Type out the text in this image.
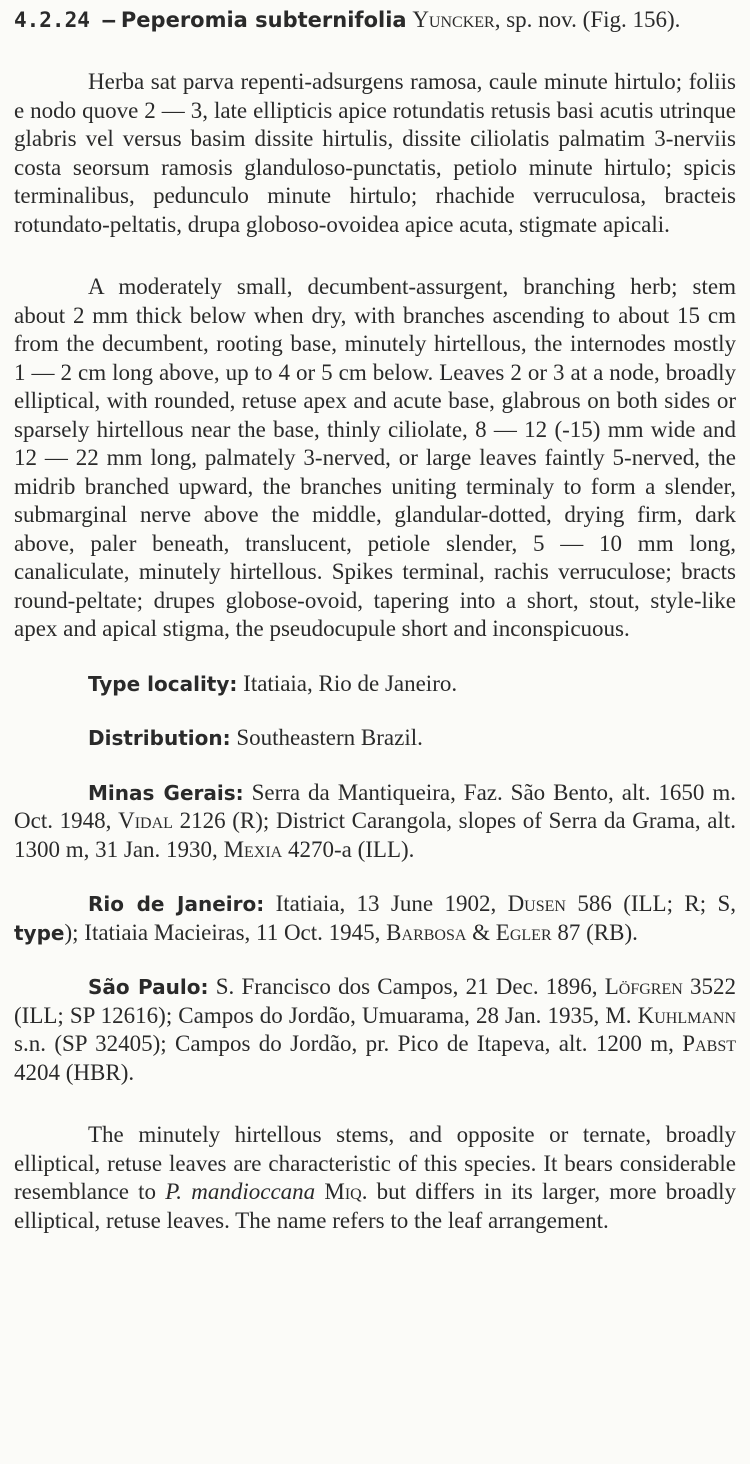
4.2.24 — Peperomia subternifolia Yuncker, sp. nov. (Fig. 156).

Herba sat parva repenti-adsurgens ramosa, caule minute hirtulo; foliis e nodo quove 2 — 3, late ellipticis apice rotundatis retusis basi acutis utrinque glabris vel versus basim dissite hirtulis, dissite ciliolatis palmatim 3-nerviis costa seorsum ramosis glanduloso-punctatis, petiolo minute hirtulo; spicis terminalibus, pedunculo minute hirtulo; rhachide verruculosa, bracteis rotundato-peltatis, drupa globoso-ovoidea apice acuta, stigmate apicali.

A moderately small, decumbent-assurgent, branching herb; stem about 2 mm thick below when dry, with branches ascending to about 15 cm from the decumbent, rooting base, minutely hirtellous, the internodes mostly 1 — 2 cm long above, up to 4 or 5 cm below. Leaves 2 or 3 at a node, broadly elliptical, with rounded, retuse apex and acute base, glabrous on both sides or sparsely hirtellous near the base, thinly ciliolate, 8 — 12 (-15) mm wide and 12 — 22 mm long, palmately 3-nerved, or large leaves faintly 5-nerved, the midrib branched upward, the branches uniting terminaly to form a slender, submarginal nerve above the middle, glandular-dotted, drying firm, dark above, paler beneath, translucent, petiole slender, 5 — 10 mm long, canaliculate, minutely hirtellous. Spikes terminal, rachis verruculose; bracts round-peltate; drupes globose-ovoid, tapering into a short, stout, style-like apex and apical stigma, the pseudocupule short and inconspicuous.

Type locality: Itatiaia, Rio de Janeiro.

Distribution: Southeastern Brazil.

Minas Gerais: Serra da Mantiqueira, Faz. São Bento, alt. 1650 m. Oct. 1948, Vidal 2126 (R); District Carangola, slopes of Serra da Grama, alt. 1300 m, 31 Jan. 1930, Mexia 4270-a (ILL).

Rio de Janeiro: Itatiaia, 13 June 1902, Dusen 586 (ILL; R; S, type); Itatiaia Macieiras, 11 Oct. 1945, Barbosa & Egler 87 (RB).

São Paulo: S. Francisco dos Campos, 21 Dec. 1896, Löfgren 3522 (ILL; SP 12616); Campos do Jordão, Umuarama, 28 Jan. 1935, M. Kuhlmann s.n. (SP 32405); Campos do Jordão, pr. Pico de Itapeva, alt. 1200 m, Pabst 4204 (HBR).

The minutely hirtellous stems, and opposite or ternate, broadly elliptical, retuse leaves are characteristic of this species. It bears considerable resemblance to P. mandioccana Miq. but differs in its larger, more broadly elliptical, retuse leaves. The name refers to the leaf arrangement.
